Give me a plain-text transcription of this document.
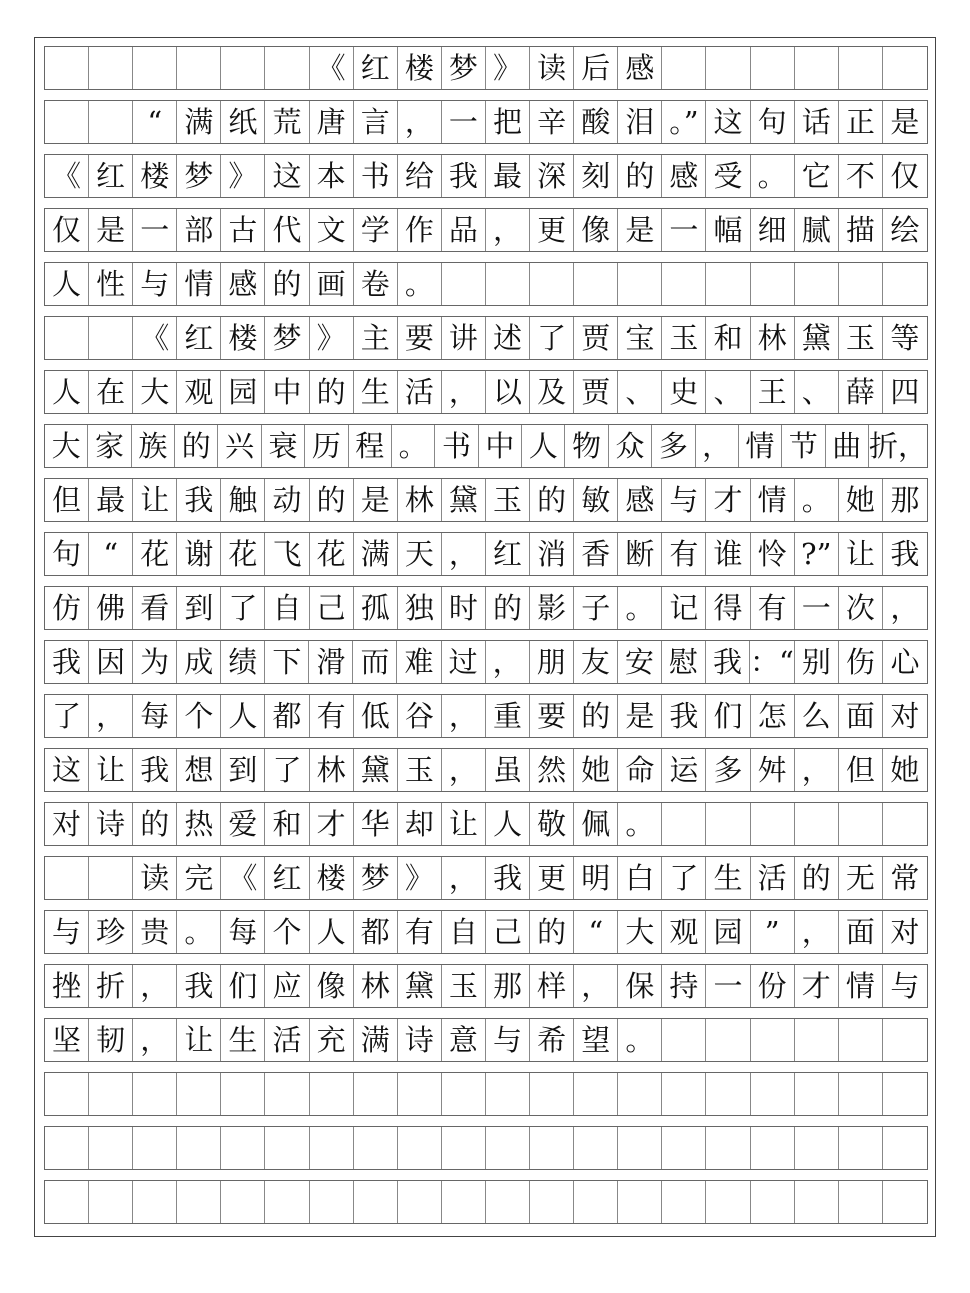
《 红 楼 梦 》 读 后 感
“ 满 纸 荒 唐 言 ， 一 把 辛 酸 泪 。” 这 句 话 正 是
《 红 楼 梦 》 这 本 书 给 我 最 深 刻 的 感 受 。 它 不 仅
仅 是 一 部 古 代 文 学 作 品 ， 更 像 是 一 幅 细 腻 描 绘
人 性 与 情 感 的 画 卷 。
《 红 楼 梦 》 主 要 讲 述 了 贾 宝 玉 和 林 黛 玉 等
人 在 大 观 园 中 的 生 活 ， 以 及 贾 、 史 、 王 、 薛 四
大 家 族 的 兴 衰 历 程 。 书 中 人 物 众 多 ， 情 节 曲 折，
但 最 让 我 触 动 的 是 林 黛 玉 的 敏 感 与 才 情 。 她 那
句 “ 花 谢 花 飞 花 满 天 ， 红 消 香 断 有 谁 怜 ?” 让 我
仿 佛 看 到 了 自 己 孤 独 时 的 影 子 。 记 得 有 一 次 ，
我 因 为 成 绩 下 滑 而 难 过 ， 朋 友 安 慰 我 ：“ 别 伤 心
了 ， 每 个 人 都 有 低 谷 ， 重 要 的 是 我 们 怎 么 面 对
这 让 我 想 到 了 林 黛 玉 ， 虽 然 她 命 运 多 舛 ， 但 她
对 诗 的 热 爱 和 才 华 却 让 人 敬 佩 。
读 完 《 红 楼 梦 》 ， 我 更 明 白 了 生 活 的 无 常
与 珍 贵 。 每 个 人 都 有 自 己 的 “ 大 观 园 ” ， 面 对
挫 折 ， 我 们 应 像 林 黛 玉 那 样 ， 保 持 一 份 才 情 与
坚 韧 ， 让 生 活 充 满 诗 意 与 希 望 。
